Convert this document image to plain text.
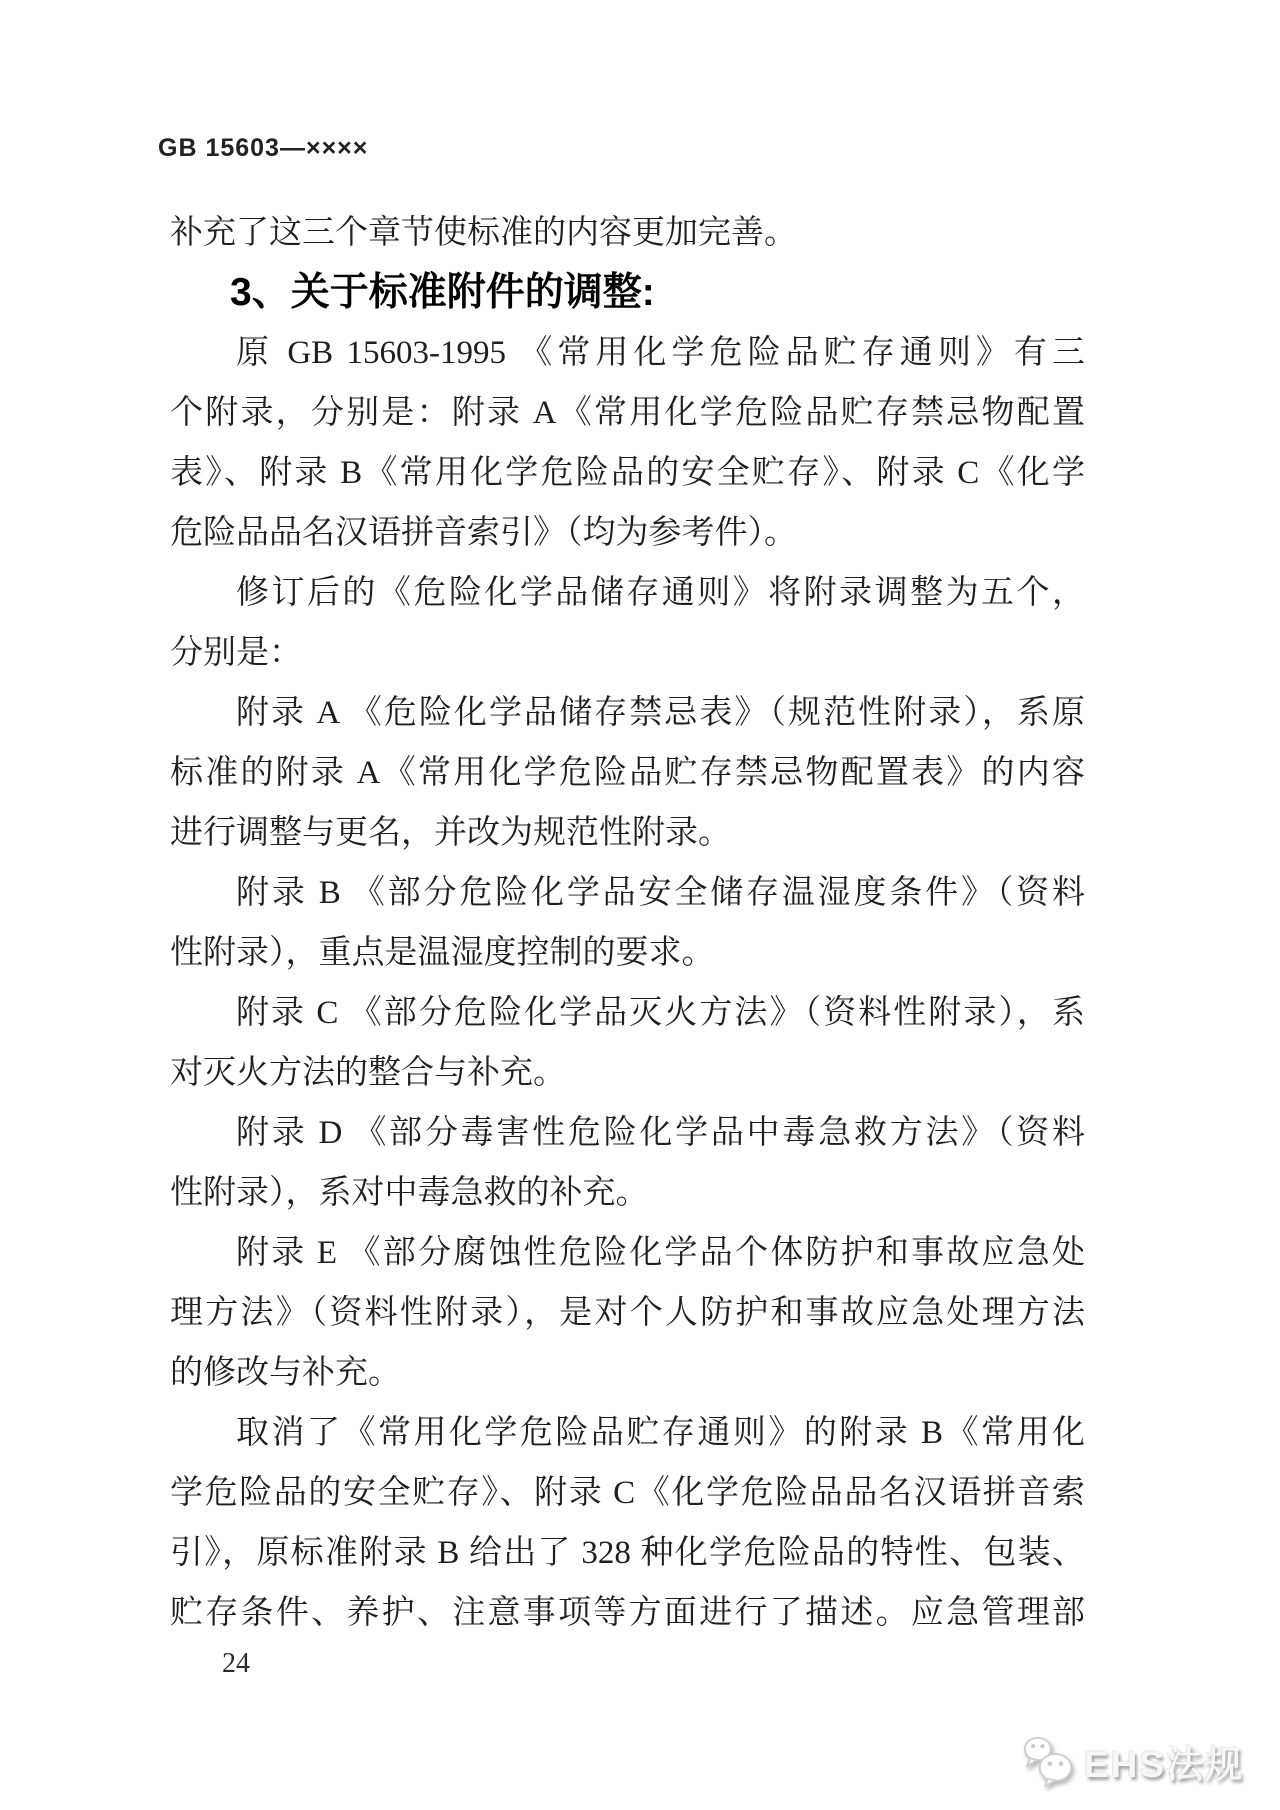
GB 15603—××××
补充了这三个章节使标准的内容更加完善。
3、关于标准附件的调整:
原 GB 15603-1995 《常用化学危险品贮存通则》有三
个附录，分别是：附录 A《常用化学危险品贮存禁忌物配置
表》、附录 B《常用化学危险品的安全贮存》、附录 C《化学
危险品品名汉语拼音索引》（均为参考件）。
修订后的《危险化学品储存通则》将附录调整为五个，
分别是：
附录 A 《危险化学品储存禁忌表》（规范性附录），系原
标准的附录 A《常用化学危险品贮存禁忌物配置表》的内容
进行调整与更名，并改为规范性附录。
附录 B 《部分危险化学品安全储存温湿度条件》（资料
性附录），重点是温湿度控制的要求。
附录 C 《部分危险化学品灭火方法》（资料性附录），系
对灭火方法的整合与补充。
附录 D 《部分毒害性危险化学品中毒急救方法》（资料
性附录），系对中毒急救的补充。
附录 E 《部分腐蚀性危险化学品个体防护和事故应急处
理方法》（资料性附录），是对个人防护和事故应急处理方法
的修改与补充。
取消了《常用化学危险品贮存通则》的附录 B《常用化
学危险品的安全贮存》、附录 C《化学危险品品名汉语拼音索
引》，原标准附录 B 给出了 328 种化学危险品的特性、包装、
贮存条件、养护、注意事项等方面进行了描述。应急管理部
24
EHS法规
